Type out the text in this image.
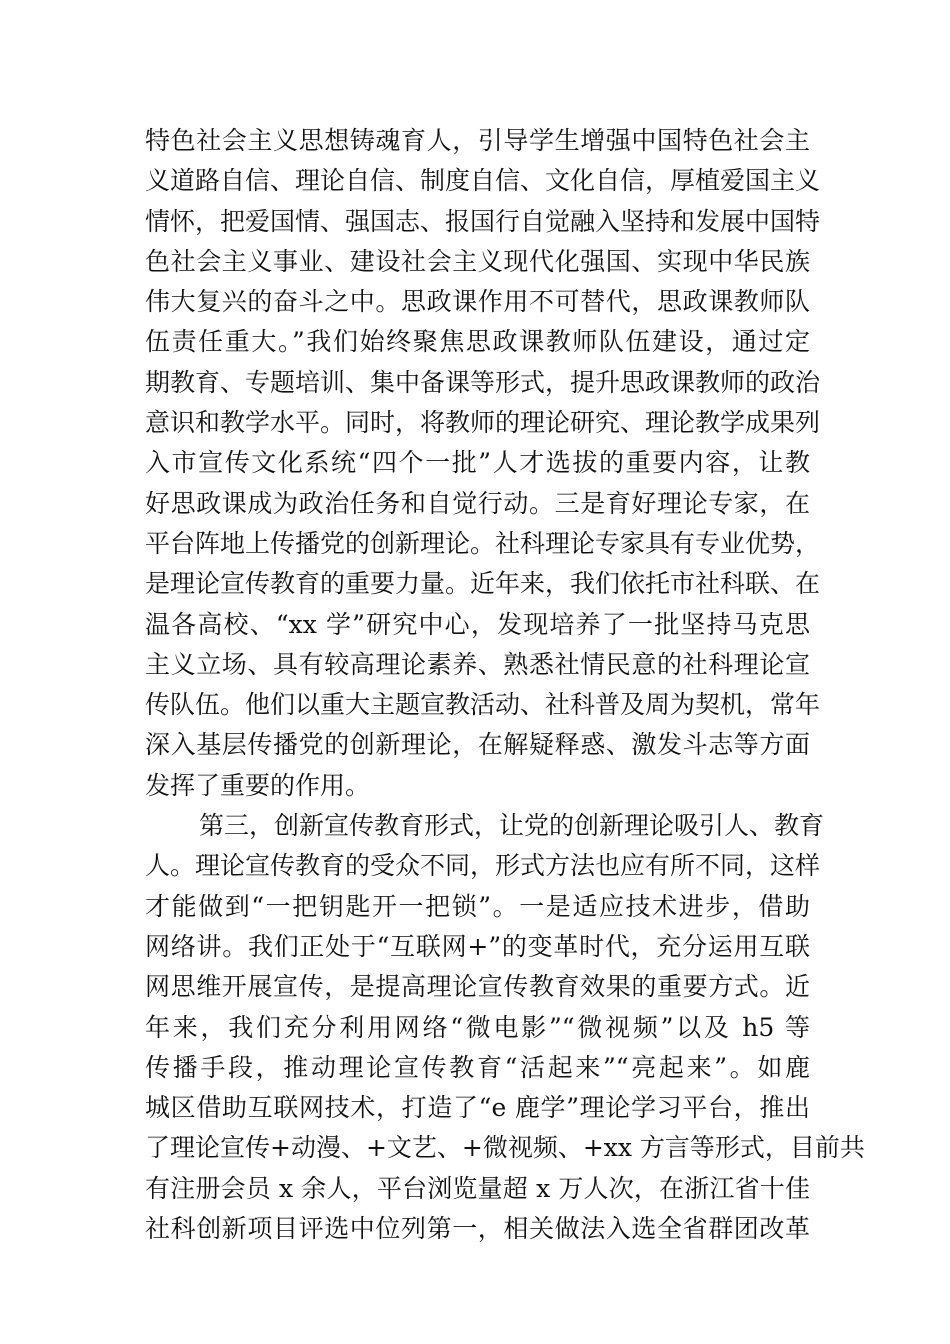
特色社会主义思想铸魂育人，引导学生增强中国特色社会主
义道路自信、理论自信、制度自信、文化自信，厚植爱国主义
情怀，把爱国情、强国志、报国行自觉融入坚持和发展中国特
色社会主义事业、建设社会主义现代化强国、实现中华民族
伟大复兴的奋斗之中。思政课作用不可替代，思政课教师队
伍责任重大。”我们始终聚焦思政课教师队伍建设，通过定
期教育、专题培训、集中备课等形式，提升思政课教师的政治
意识和教学水平。同时，将教师的理论研究、理论教学成果列
入市宣传文化系统“四个一批”人才选拔的重要内容，让教
好思政课成为政治任务和自觉行动。三是育好理论专家，在
平台阵地上传播党的创新理论。社科理论专家具有专业优势，
是理论宣传教育的重要力量。近年来，我们依托市社科联、在
温各高校、“xx 学”研究中心，发现培养了一批坚持马克思
主义立场、具有较高理论素养、熟悉社情民意的社科理论宣
传队伍。他们以重大主题宣教活动、社科普及周为契机，常年
深入基层传播党的创新理论，在解疑释惑、激发斗志等方面
发挥了重要的作用。
第三，创新宣传教育形式，让党的创新理论吸引人、教育
人。理论宣传教育的受众不同，形式方法也应有所不同，这样
才能做到“一把钥匙开一把锁”。一是适应技术进步，借助
网络讲。我们正处于“互联网+”的变革时代，充分运用互联
网思维开展宣传，是提高理论宣传教育效果的重要方式。近
年来，我们充分利用网络“微电影”“微视频”以及 h5 等
传播手段，推动理论宣传教育“活起来”“亮起来”。如鹿
城区借助互联网技术，打造了“e 鹿学”理论学习平台，推出
了理论宣传+动漫、+文艺、+微视频、+xx 方言等形式，目前共
有注册会员 x 余人，平台浏览量超 x 万人次，在浙江省十佳
社科创新项目评选中位列第一，相关做法入选全省群团改革
